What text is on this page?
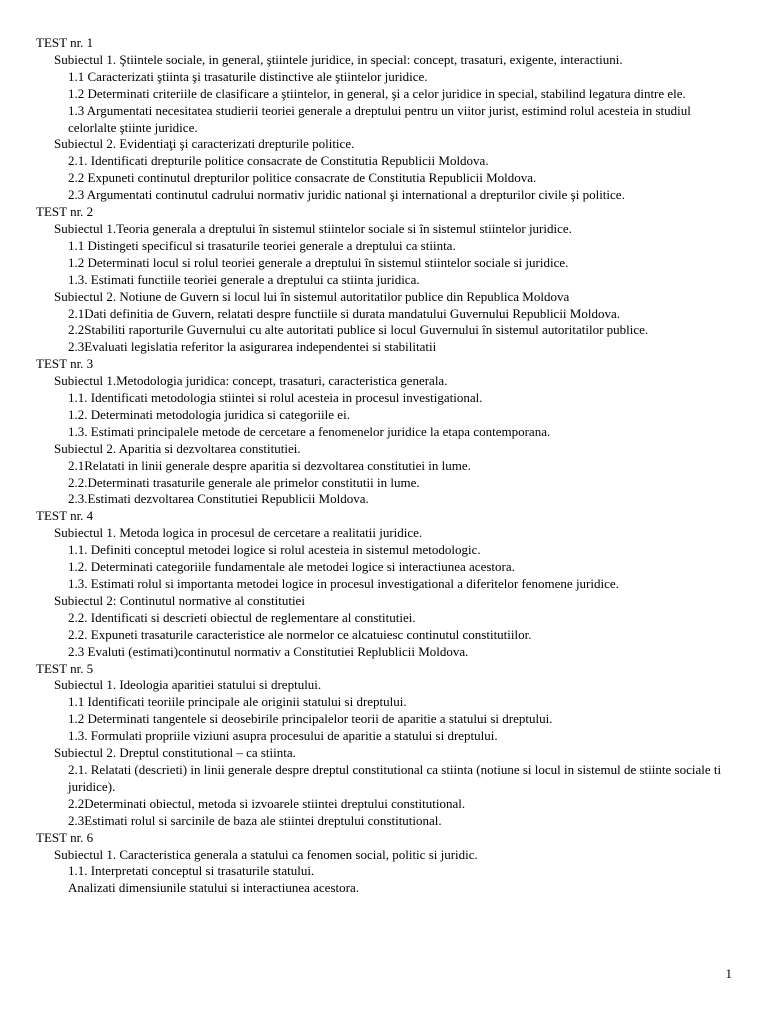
TEST nr. 1
Subiectul 1. Ştiintele sociale, in general, ştiintele juridice, in special: concept, trasaturi, exigente, interactiuni.
1.1 Caracterizati ştiinta şi trasaturile distinctive ale ştiintelor juridice.
1.2 Determinati criteriile de clasificare a ştiintelor, in general, şi a celor juridice in special, stabilind legatura dintre ele.
1.3 Argumentati necesitatea studierii teoriei generale a dreptului pentru un viitor jurist, estimind rolul acesteia in studiul celorlalte ştiinte juridice.
Subiectul 2. Evidentiaţi şi caracterizati drepturile politice.
2.1. Identificati drepturile politice consacrate de Constitutia Republicii Moldova.
2.2 Expuneti continutul drepturilor politice consacrate de Constitutia Republicii Moldova.
2.3 Argumentati continutul cadrului normativ juridic national şi international a drepturilor civile şi politice.
TEST nr. 2
Subiectul 1.Teoria generala a dreptului în sistemul stiintelor sociale si în sistemul stiintelor juridice.
1.1 Distingeti specificul si trasaturile teoriei generale a dreptului ca stiinta.
1.2 Determinati locul si rolul teoriei generale a dreptului în sistemul stiintelor sociale si juridice.
1.3. Estimati functiile teoriei generale a dreptului ca stiinta juridica.
Subiectul 2. Notiune de Guvern si locul lui în sistemul autoritatilor publice din Republica Moldova
2.1Dati definitia de Guvern, relatati despre functiile si durata mandatului Guvernului Republicii Moldova.
2.2Stabiliti raporturile Guvernului cu alte autoritati publice si locul Guvernului în sistemul autoritatilor publice.
2.3Evaluati legislatia referitor la asigurarea independentei si stabilitatii
TEST nr. 3
Subiectul 1.Metodologia juridica: concept, trasaturi, caracteristica generala.
1.1. Identificati metodologia stiintei si rolul acesteia in procesul investigational.
1.2. Determinati metodologia juridica si categoriile ei.
1.3. Estimati principalele metode de cercetare a fenomenelor juridice la etapa contemporana.
Subiectul 2. Aparitia si dezvoltarea constitutiei.
2.1Relatati in linii generale despre aparitia si dezvoltarea constitutiei in lume.
2.2.Determinati trasaturile generale ale primelor constitutii in lume.
2.3.Estimati dezvoltarea Constitutiei Republicii Moldova.
TEST nr. 4
Subiectul 1. Metoda logica in procesul de cercetare a realitatii juridice.
1.1. Definiti conceptul metodei logice si rolul acesteia in sistemul metodologic.
1.2. Determinati categoriile fundamentale ale metodei logice si interactiunea acestora.
1.3. Estimati rolul si importanta metodei logice in procesul investigational a diferitelor fenomene juridice.
Subiectul 2: Continutul normative al constitutiei
2.2. Identificati si descrieti obiectul de reglementare al constitutiei.
2.2. Expuneti trasaturile caracteristice ale normelor ce alcatuiesc continutul constitutiilor.
2.3 Evaluti (estimati)continutul normativ a Constitutiei Replublicii Moldova.
TEST nr. 5
Subiectul 1. Ideologia aparitiei statului si dreptului.
1.1 Identificati teoriile principale ale originii statului si dreptului.
1.2 Determinati tangentele si deosebirile principalelor teorii de aparitie a statului si dreptului.
1.3. Formulati propriile viziuni asupra procesului de aparitie a statului si dreptului.
Subiectul 2. Dreptul constitutional – ca stiinta.
2.1. Relatati (descrieti) in linii generale despre dreptul constitutional ca stiinta (notiune si locul in sistemul de stiinte sociale ti juridice).
2.2Determinati obiectul, metoda si izvoarele stiintei dreptului constitutional.
2.3Estimati rolul si sarcinile de baza ale stiintei dreptului constitutional.
TEST nr. 6
Subiectul 1. Caracteristica generala a statului ca fenomen social, politic si juridic.
1.1. Interpretati conceptul si trasaturile statului.
Analizati dimensiunile statului si interactiunea acestora.
1
